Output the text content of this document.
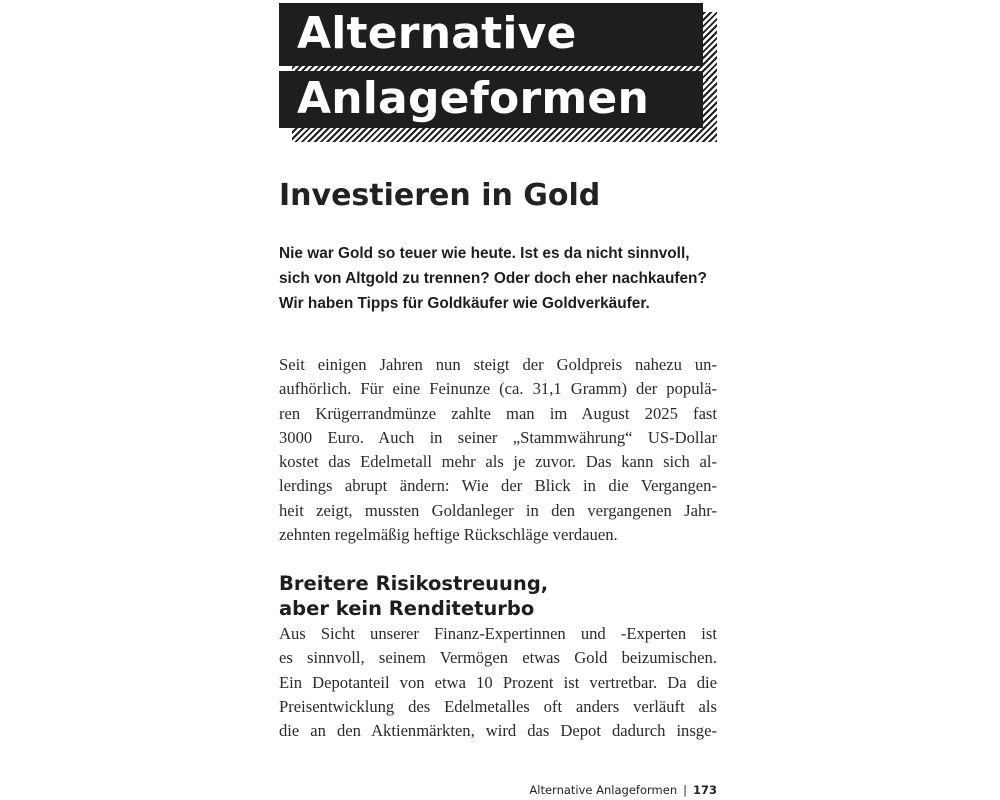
Alternative
Anlageformen
Investieren in Gold

Nie war Gold so teuer wie heute. Ist es da nicht sinnvoll,
sich von Altgold zu trennen? Oder doch eher nachkaufen?
Wir haben Tipps für Goldkäufer wie Goldverkäufer.

Seit einigen Jahren nun steigt der Goldpreis nahezu un-
aufhörlich. Für eine Feinunze (ca. 31,1 Gramm) der populä-
ren Krügerrandmünze zahlte man im August 2025 fast
3000 Euro. Auch in seiner „Stammwährung“ US-Dollar
kostet das Edelmetall mehr als je zuvor. Das kann sich al-
lerdings abrupt ändern: Wie der Blick in die Vergangen-
heit zeigt, mussten Goldanleger in den vergangenen Jahr-
zehnten regelmäßig heftige Rückschläge verdauen.

Breitere Risikostreuung,
aber kein Renditeturbo

Aus Sicht unserer Finanz-Expertinnen und -Experten ist
es sinnvoll, seinem Vermögen etwas Gold beizumischen.
Ein Depotanteil von etwa 10 Prozent ist vertretbar. Da die
Preisentwicklung des Edelmetalles oft anders verläuft als
die an den Aktienmärkten, wird das Depot dadurch insge-

Alternative Anlageformen | 173
